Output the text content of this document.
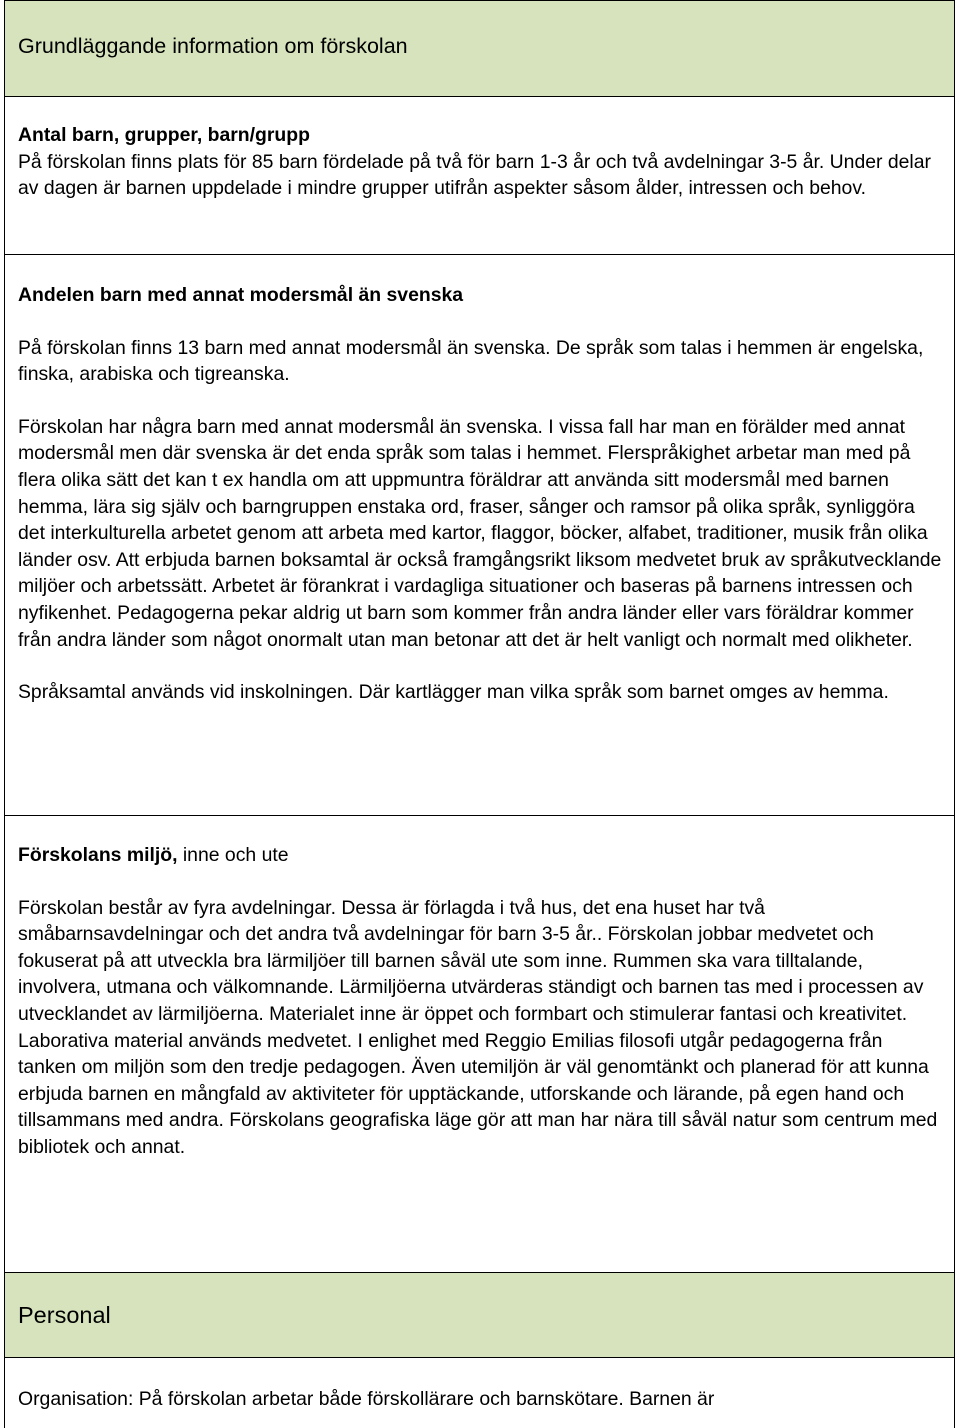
Grundläggande information om förskolan

Antal barn, grupper, barn/grupp

På förskolan finns plats för 85 barn fördelade på två för barn 1-3 år och två avdelningar 3-5 år. Under delar av dagen är barnen uppdelade i mindre grupper utifrån aspekter såsom ålder, intressen och behov.

Andelen barn med annat modersmål än svenska

På förskolan finns 13 barn med annat modersmål än svenska. De språk som talas i hemmen är engelska, finska, arabiska och tigreanska.

Förskolan har några barn med annat modersmål än svenska. I vissa fall har man en förälder med annat modersmål men där svenska är det enda språk som talas i hemmet. Flerspråkighet arbetar man med på flera olika sätt det kan t ex handla om att uppmuntra föräldrar att använda sitt modersmål med barnen hemma, lära sig själv och barngruppen enstaka ord, fraser, sånger och ramsor på olika språk, synliggöra det interkulturella arbetet genom att arbeta med kartor, flaggor, böcker, alfabet, traditioner, musik från olika länder osv. Att erbjuda barnen boksamtal är också framgångsrikt liksom medvetet bruk av språkutvecklande miljöer och arbetssätt. Arbetet är förankrat i vardagliga situationer och baseras på barnens intressen och nyfikenhet. Pedagogerna pekar aldrig ut barn som kommer från andra länder eller vars föräldrar kommer från andra länder som något onormalt utan man betonar att det är helt vanligt och normalt med olikheter.

Språksamtal används vid inskolningen. Där kartlägger man vilka språk som barnet omges av hemma.

Förskolans miljö, inne och ute

Förskolan består av fyra avdelningar. Dessa är förlagda i två hus, det ena huset har två småbarnsavdelningar och det andra två avdelningar för barn 3-5 år.. Förskolan jobbar medvetet och fokuserat på att utveckla bra lärmiljöer till barnen såväl ute som inne. Rummen ska vara tilltalande, involvera, utmana och välkomnande. Lärmiljöerna utvärderas ständigt och barnen tas med i processen av utvecklandet av lärmiljöerna. Materialet inne är öppet och formbart och stimulerar fantasi och kreativitet. Laborativa material används medvetet. I enlighet med Reggio Emilias filosofi utgår pedagogerna från tanken om miljön som den tredje pedagogen. Även utemiljön är väl genomtänkt och planerad för att kunna erbjuda barnen en mångfald av aktiviteter för upptäckande, utforskande och lärande, på egen hand och tillsammans med andra. Förskolans geografiska läge gör att man har nära till såväl natur som centrum med bibliotek och annat.

Personal

Organisation: På förskolan arbetar både förskollärare och barnskötare. Barnen är
